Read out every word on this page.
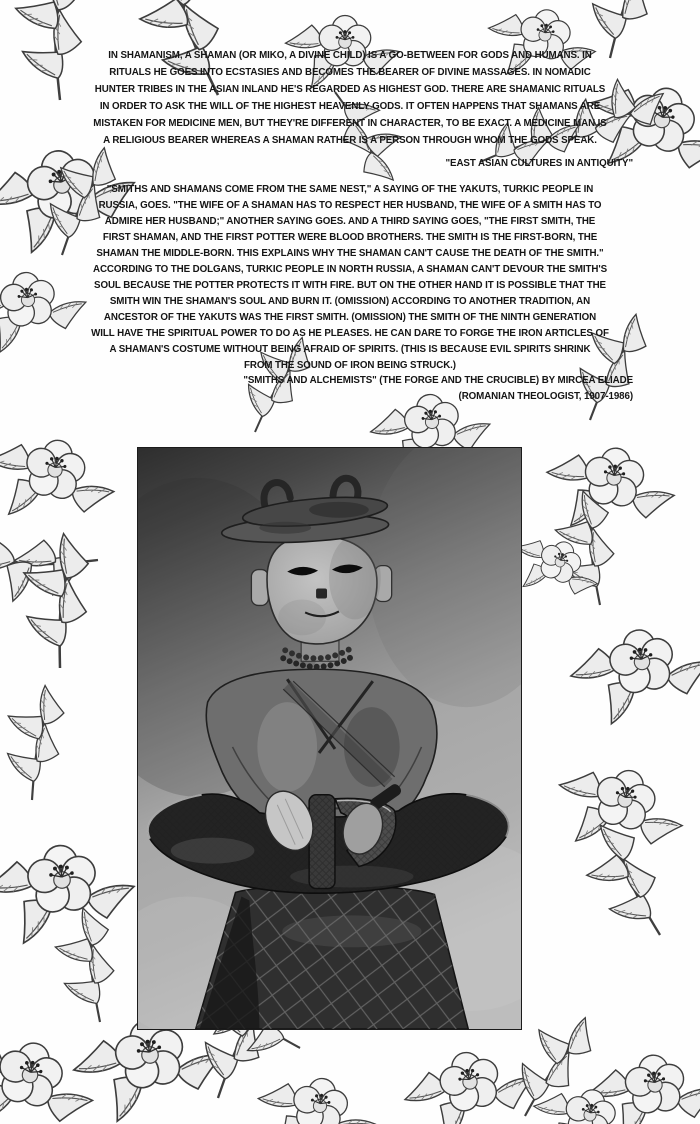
IN SHAMANISM, A SHAMAN (OR MIKO, A DIVINE CHILD) IS A GO-BETWEEN FOR GODS AND HUMANS. IN
RITUALS HE GOES INTO ECSTASIES AND BECOMES THE BEARER OF DIVINE MASSAGES. IN NOMADIC
HUNTER TRIBES IN THE ASIAN INLAND HE'S REGARDED AS HIGHEST GOD. THERE ARE SHAMANIC RITUALS
IN ORDER TO ASK THE WILL OF THE HIGHEST HEAVENLY GODS. IT OFTEN HAPPENS THAT SHAMANS ARE
MISTAKEN FOR MEDICINE MEN, BUT THEY'RE DIFFERENT IN CHARACTER, TO BE EXACT. A MEDICINE MAN IS
A RELIGIOUS BEARER WHEREAS A SHAMAN RATHER IS A PERSON THROUGH WHOM THE GODS SPEAK.
"EAST ASIAN CULTURES IN ANTIQUITY"
"SMITHS AND SHAMANS COME FROM THE SAME NEST," A SAYING OF THE YAKUTS, TURKIC PEOPLE IN
RUSSIA, GOES. "THE WIFE OF A SHAMAN HAS TO RESPECT HER HUSBAND, THE WIFE OF A SMITH HAS TO
ADMIRE HER HUSBAND;" ANOTHER SAYING GOES. AND A THIRD SAYING GOES, "THE FIRST SMITH, THE
FIRST SHAMAN, AND THE FIRST POTTER WERE BLOOD BROTHERS. THE SMITH IS THE FIRST-BORN, THE
SHAMAN THE MIDDLE-BORN. THIS EXPLAINS WHY THE SHAMAN CAN'T CAUSE THE DEATH OF THE SMITH."
ACCORDING TO THE DOLGANS, TURKIC PEOPLE IN NORTH RUSSIA, A SHAMAN CAN'T DEVOUR THE SMITH'S
SOUL BECAUSE THE POTTER PROTECTS IT WITH FIRE. BUT ON THE OTHER HAND IT IS POSSIBLE THAT THE
SMITH WIN THE SHAMAN'S SOUL AND BURN IT. (OMISSION) ACCORDING TO ANOTHER TRADITION, AN
ANCESTOR OF THE YAKUTS WAS THE FIRST SMITH. (OMISSION) THE SMITH OF THE NINTH GENERATION
WILL HAVE THE SPIRITUAL POWER TO DO AS HE PLEASES. HE CAN DARE TO FORGE THE IRON ARTICLES OF
A SHAMAN'S COSTUME WITHOUT BEING AFRAID OF SPIRITS. (THIS IS BECAUSE EVIL SPIRITS SHRINK
FROM THE SOUND OF IRON BEING STRUCK.)
"SMITHS AND ALCHEMISTS" (THE FORGE AND THE CRUCIBLE) BY MIRCEA ELIADE
(ROMANIAN THEOLOGIST, 1907-1986)
